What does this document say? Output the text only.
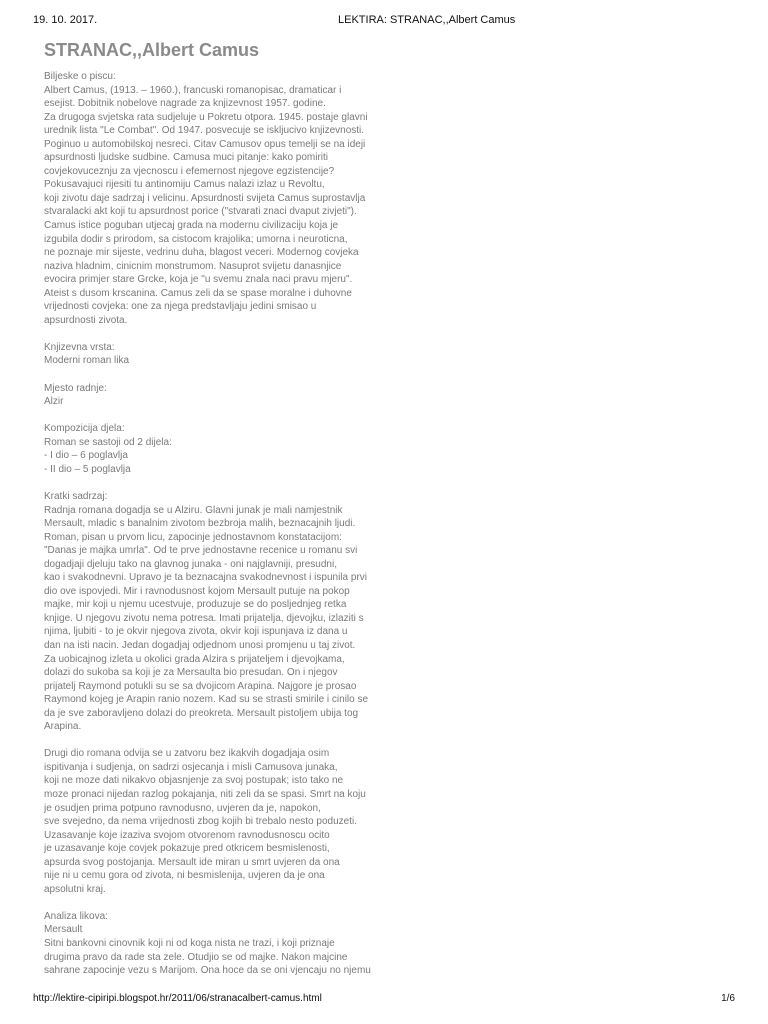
19. 10. 2017.	LEKTIRA: STRANAC,,Albert Camus
STRANAC,,Albert Camus
Biljeske o piscu:
Albert Camus, (1913. – 1960.), francuski romanopisac, dramaticar i
esejist. Dobitnik nobelove nagrade za knjizevnost 1957. godine.
Za drugoga svjetska rata sudjeluje u Pokretu otpora. 1945. postaje glavni
urednik lista "Le Combat". Od 1947. posvecuje se iskljucivo knjizevnosti.
Poginuo u automobilskoj nesreci. Citav Camusov opus temelji se na ideji
apsurdnosti ljudske sudbine. Camusa muci pitanje: kako pomiriti
covjekovuceznju za vjecnoscu i efemernost njegove egzistencije?
Pokusavajuci rijesiti tu antinomiju Camus nalazi izlaz u Revoltu,
koji zivotu daje sadrzaj i velicinu. Apsurdnosti svijeta Camus suprostavlja
stvaralacki akt koji tu apsurdnost porice ("stvarati znaci dvaput zivjeti").
Camus istice poguban utjecaj grada na modernu civilizaciju koja je
izgubila dodir s prirodom, sa cistocom krajolika; umorna i neuroticna,
ne poznaje mir sijeste, vedrinu duha, blagost veceri. Modernog covjeka
naziva hladnim, cinicnim monstrumom. Nasuprot svijetu danasnjice
evocira primjer stare Grcke, koja je "u svemu znala naci pravu mjeru".
Ateist s dusom krscanina. Camus zeli da se spase moralne i duhovne
vrijednosti covjeka: one za njega predstavljaju jedini smisao u
apsurdnosti zivota.
Knjizevna vrsta:
Moderni roman lika
Mjesto radnje:
Alzir
Kompozicija djela:
Roman se sastoji od 2 dijela:
- I dio – 6 poglavlja
- II dio – 5 poglavlja
Kratki sadrzaj:
Radnja romana dogadja se u Alziru. Glavni junak je mali namjestnik
Mersault, mladic s banalnim zivotom bezbroja malih, beznacajnih ljudi.
Roman, pisan u prvom licu, zapocinje jednostavnom konstatacijom:
"Danas je majka umrla". Od te prve jednostavne recenice u romanu svi
dogadjaji djeluju tako na glavnog junaka - oni najglavniji, presudni,
kao i svakodnevni. Upravo je ta beznacajna svakodnevnost i ispunila prvi
dio ove ispovjedi. Mir i ravnodusnost kojom Mersault putuje na pokop
majke, mir koji u njemu ucestvuje, produzuje se do posljednjeg retka
knjige. U njegovu zivotu nema potresa. Imati prijatelja, djevojku, izlaziti s
njima, ljubiti - to je okvir njegova zivota, okvir koji ispunjava iz dana u
dan na isti nacin. Jedan dogadjaj odjednom unosi promjenu u taj zivot.
Za uobicajnog izleta u okolici grada Alzira s prijateljem i djevojkama,
dolazi do sukoba sa koji je za Mersaulta bio presudan. On i njegov
prijatelj Raymond potukli su se sa dvojicom Arapina. Najgore je prosao
Raymond kojeg je Arapin ranio nozem. Kad su se strasti smirile i cinilo se
da je sve zaboravljeno dolazi do preokreta. Mersault pistoljem ubija tog
Arapina.
Drugi dio romana odvija se u zatvoru bez ikakvih dogadjaja osim
ispitivanja i sudjenja, on sadrzi osjecanja i misli Camusova junaka,
koji ne moze dati nikakvo objasnjenje za svoj postupak; isto tako ne
moze pronaci nijedan razlog pokajanja, niti zeli da se spasi. Smrt na koju
je osudjen prima potpuno ravnodusno, uvjeren da je, napokon,
sve svejedno, da nema vrijednosti zbog kojih bi trebalo nesto poduzeti.
Uzasavanje koje izaziva svojom otvorenom ravnodusnoscu ocito
je uzasavanje koje covjek pokazuje pred otkricem besmislenosti,
apsurda svog postojanja. Mersault ide miran u smrt uvjeren da ona
nije ni u cemu gora od zivota, ni besmislenija, uvjeren da je ona
apsolutni kraj.
Analiza likova:
Mersault
Sitni bankovni cinovnik koji ni od koga nista ne trazi, i koji priznaje
drugima pravo da rade sta zele. Otudjio se od majke. Nakon majcine
sahrane zapocinje vezu s Marijom. Ona hoce da se oni vjencaju no njemu
http://lektire-cipiripi.blogspot.hr/2011/06/stranacalbert-camus.html	1/6
